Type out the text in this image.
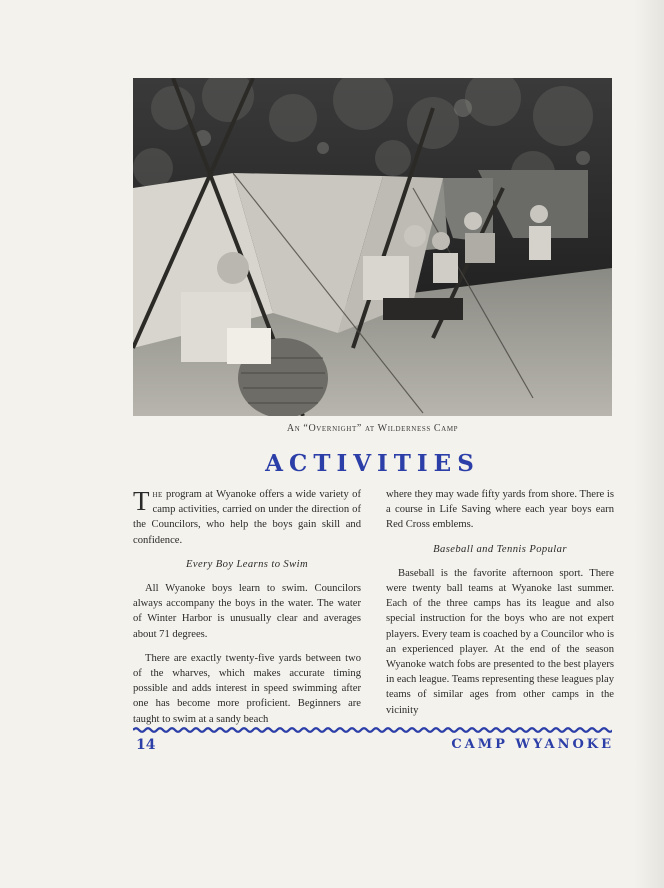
An “Overnight” at Wilderness Camp
ACTIVITIES

The program at Wyanoke offers a wide variety of camp activities, carried on under the direction of the Councilors, who help the boys gain skill and confidence.

Every Boy Learns to Swim

All Wyanoke boys learn to swim. Councilors always accompany the boys in the water. The water of Winter Harbor is unusually clear and averages about 71 degrees.

There are exactly twenty-five yards between two of the wharves, which makes accurate timing possible and adds interest in speed swimming after one has become more proficient. Beginners are taught to swim at a sandy beach

where they may wade fifty yards from shore. There is a course in Life Saving where each year boys earn Red Cross emblems.

Baseball and Tennis Popular

Baseball is the favorite afternoon sport. There were twenty ball teams at Wyanoke last summer. Each of the three camps has its league and also special instruction for the boys who are not expert players. Every team is coached by a Councilor who is an experienced player. At the end of the season Wyanoke watch fobs are presented to the best players in each league. Teams representing these leagues play teams of similar ages from other camps in the vicinity

14	CAMP WYANOKE
